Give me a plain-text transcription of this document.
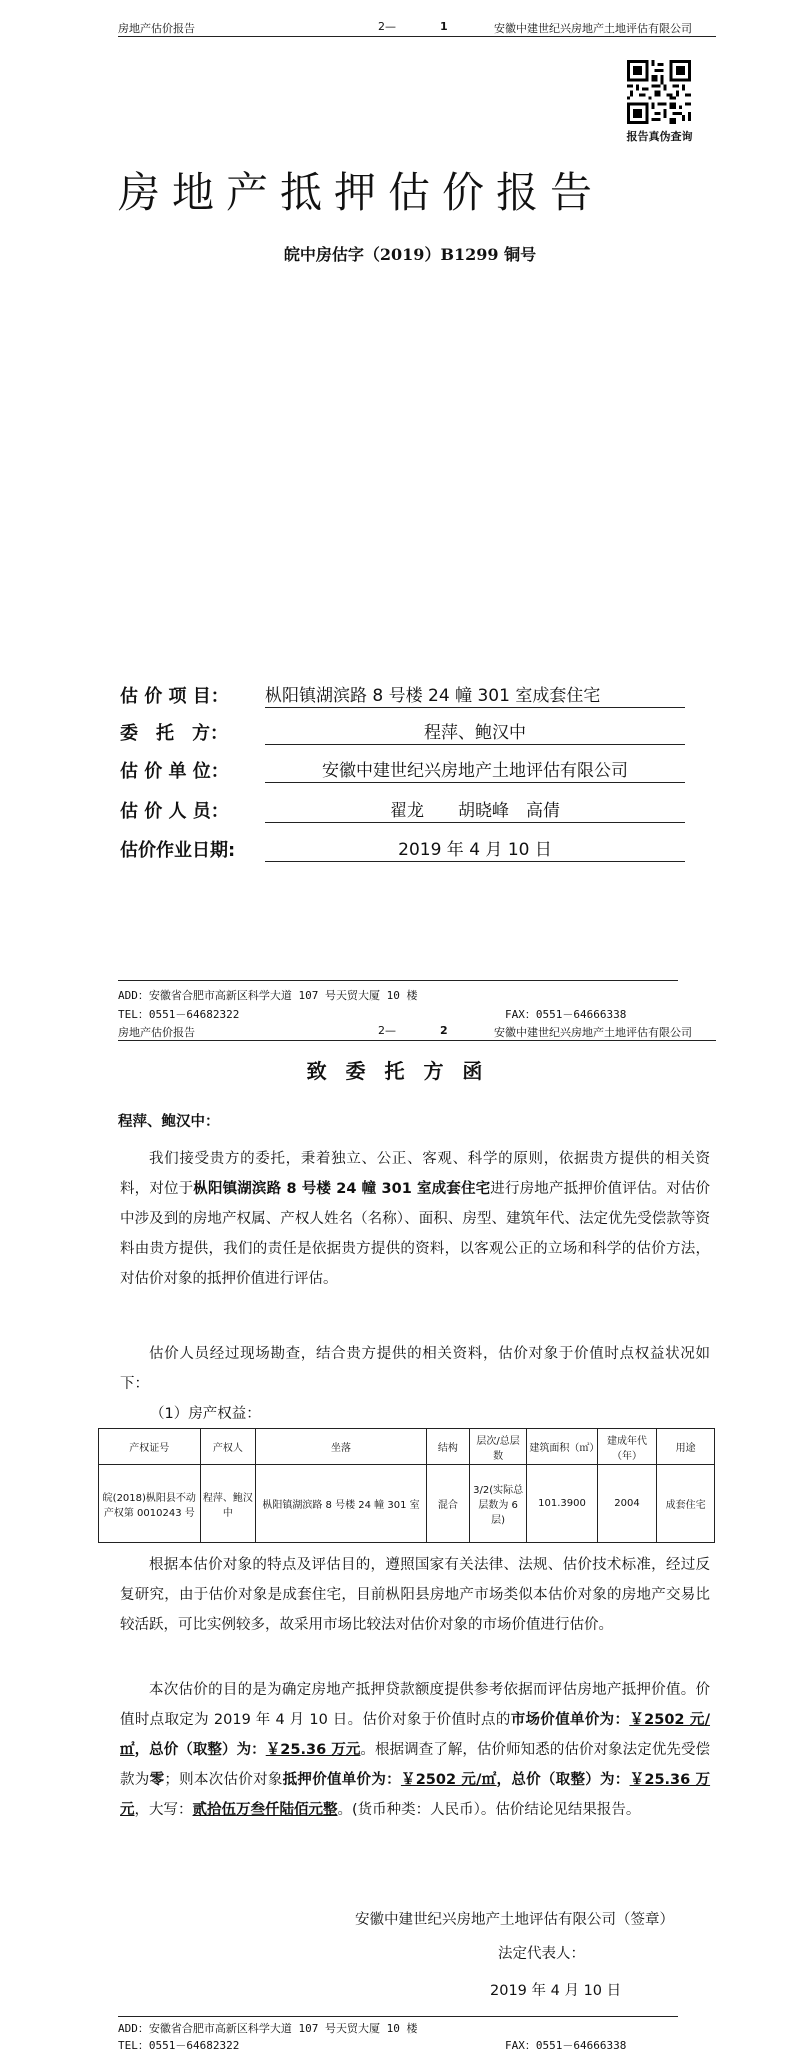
房地产估价报告	2—	1	安徽中建世纪兴房地产土地评估有限公司
报告真伪查询
房地产抵押估价报告
皖中房估字（2019）B1299 铜号
估 价 项 目：	枞阳镇湖滨路 8 号楼 24 幢 301 室成套住宅
委　托　方：	程萍、鲍汉中
估 价 单 位：	安徽中建世纪兴房地产土地评估有限公司
估 价 人 员：	翟龙　　胡晓峰　高倩
估价作业日期:	2019 年 4 月 10 日
ADD：安徽省合肥市高新区科学大道 107 号天贸大厦 10 楼
TEL：0551－64682322	FAX：0551－64666338
房地产估价报告	2—	2	安徽中建世纪兴房地产土地评估有限公司
致 委 托 方 函
程萍、鲍汉中：
我们接受贵方的委托，秉着独立、公正、客观、科学的原则，依据贵方提供的相关资料，对位于枞阳镇湖滨路 8 号楼 24 幢 301 室成套住宅进行房地产抵押价值评估。对估价中涉及到的房地产权属、产权人姓名（名称）、面积、房型、建筑年代、法定优先受偿款等资料由贵方提供，我们的责任是依据贵方提供的资料，以客观公正的立场和科学的估价方法，对估价对象的抵押价值进行评估。
估价人员经过现场勘查，结合贵方提供的相关资料，估价对象于价值时点权益状况如下：
（1）房产权益：
产权证号	产权人	坐落	结构	层次/总层数	建筑面积（㎡）	建成年代（年）	用途
皖(2018)枞阳县不动产权第 0010243 号	程萍、鲍汉中	枞阳镇湖滨路 8 号楼 24 幢 301 室	混合	3/2(实际总层数为 6 层)	101.3900	2004	成套住宅
根据本估价对象的特点及评估目的，遵照国家有关法律、法规、估价技术标准，经过反复研究，由于估价对象是成套住宅，目前枞阳县房地产市场类似本估价对象的房地产交易比较活跃，可比实例较多，故采用市场比较法对估价对象的市场价值进行估价。
本次估价的目的是为确定房地产抵押贷款额度提供参考依据而评估房地产抵押价值。价值时点取定为 2019 年 4 月 10 日。估价对象于价值时点的市场价值单价为：￥2502 元/㎡，总价（取整）为：￥25.36 万元。根据调查了解，估价师知悉的估价对象法定优先受偿款为零；则本次估价对象抵押价值单价为：￥2502 元/㎡，总价（取整）为：￥25.36 万元，大写：贰拾伍万叁仟陆佰元整。(货币种类：人民币）。估价结论见结果报告。
安徽中建世纪兴房地产土地评估有限公司（签章）
法定代表人：
2019 年 4 月 10 日
ADD：安徽省合肥市高新区科学大道 107 号天贸大厦 10 楼
TEL：0551－64682322	FAX：0551－64666338
